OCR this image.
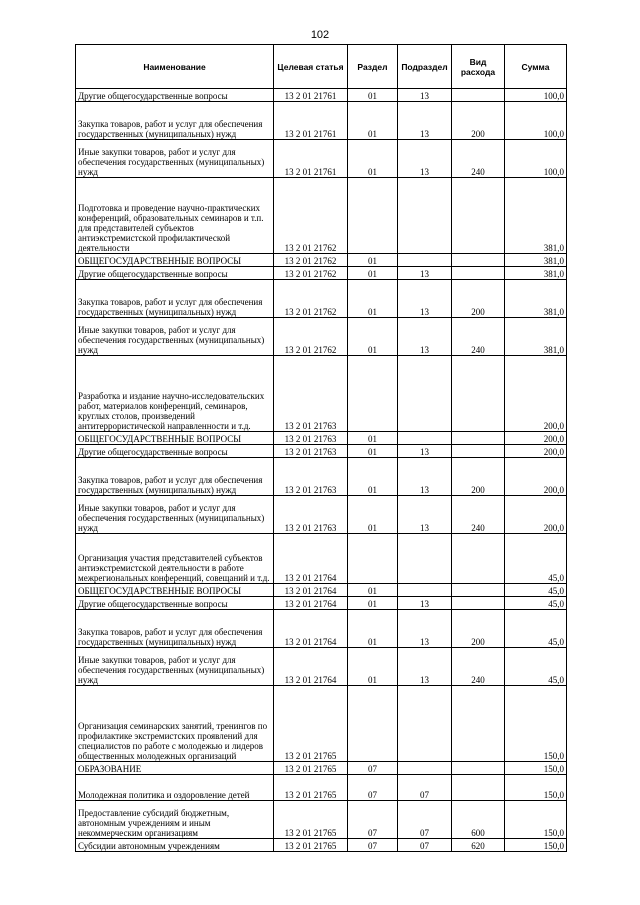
102
Наименование	Целевая статья	Раздел	Подраздел	Вид расхода	Сумма
Другие общегосударственные вопросы	13 2 01 21761	01	13		100,0
Закупка товаров, работ и услуг для обеспечения государственных (муниципальных) нужд	13 2 01 21761	01	13	200	100,0
Иные закупки товаров, работ и услуг для обеспечения государственных (муниципальных) нужд	13 2 01 21761	01	13	240	100,0
Подготовка и проведение научно-практических конференций, образовательных семинаров и т.п. для представителей субъектов антиэкстремистской профилактической деятельности	13 2 01 21762				381,0
ОБЩЕГОСУДАРСТВЕННЫЕ ВОПРОСЫ	13 2 01 21762	01			381,0
Другие общегосударственные вопросы	13 2 01 21762	01	13		381,0
Закупка товаров, работ и услуг для обеспечения государственных (муниципальных) нужд	13 2 01 21762	01	13	200	381,0
Иные закупки товаров, работ и услуг для обеспечения государственных (муниципальных) нужд	13 2 01 21762	01	13	240	381,0
Разработка и издание научно-исследовательских работ, материалов конференций, семинаров, круглых столов, произведений антитеррористической направленности и т.д.	13 2 01 21763				200,0
ОБЩЕГОСУДАРСТВЕННЫЕ ВОПРОСЫ	13 2 01 21763	01			200,0
Другие общегосударственные вопросы	13 2 01 21763	01	13		200,0
Закупка товаров, работ и услуг для обеспечения государственных (муниципальных) нужд	13 2 01 21763	01	13	200	200,0
Иные закупки товаров, работ и услуг для обеспечения государственных (муниципальных) нужд	13 2 01 21763	01	13	240	200,0
Организация участия представителей субъектов антиэкстремистской деятельности в работе межрегиональных конференций, совещаний и т.д.	13 2 01 21764				45,0
ОБЩЕГОСУДАРСТВЕННЫЕ ВОПРОСЫ	13 2 01 21764	01			45,0
Другие общегосударственные вопросы	13 2 01 21764	01	13		45,0
Закупка товаров, работ и услуг для обеспечения государственных (муниципальных) нужд	13 2 01 21764	01	13	200	45,0
Иные закупки товаров, работ и услуг для обеспечения государственных (муниципальных) нужд	13 2 01 21764	01	13	240	45,0
Организация семинарских занятий, тренингов по профилактике экстремистских проявлений для специалистов по работе с молодежью и лидеров общественных молодежных организаций	13 2 01 21765				150,0
ОБРАЗОВАНИЕ	13 2 01 21765	07			150,0
Молодежная политика и оздоровление детей	13 2 01 21765	07	07		150,0
Предоставление субсидий бюджетным, автономным учреждениям и иным некоммерческим организациям	13 2 01 21765	07	07	600	150,0
Субсидии автономным учреждениям	13 2 01 21765	07	07	620	150,0
